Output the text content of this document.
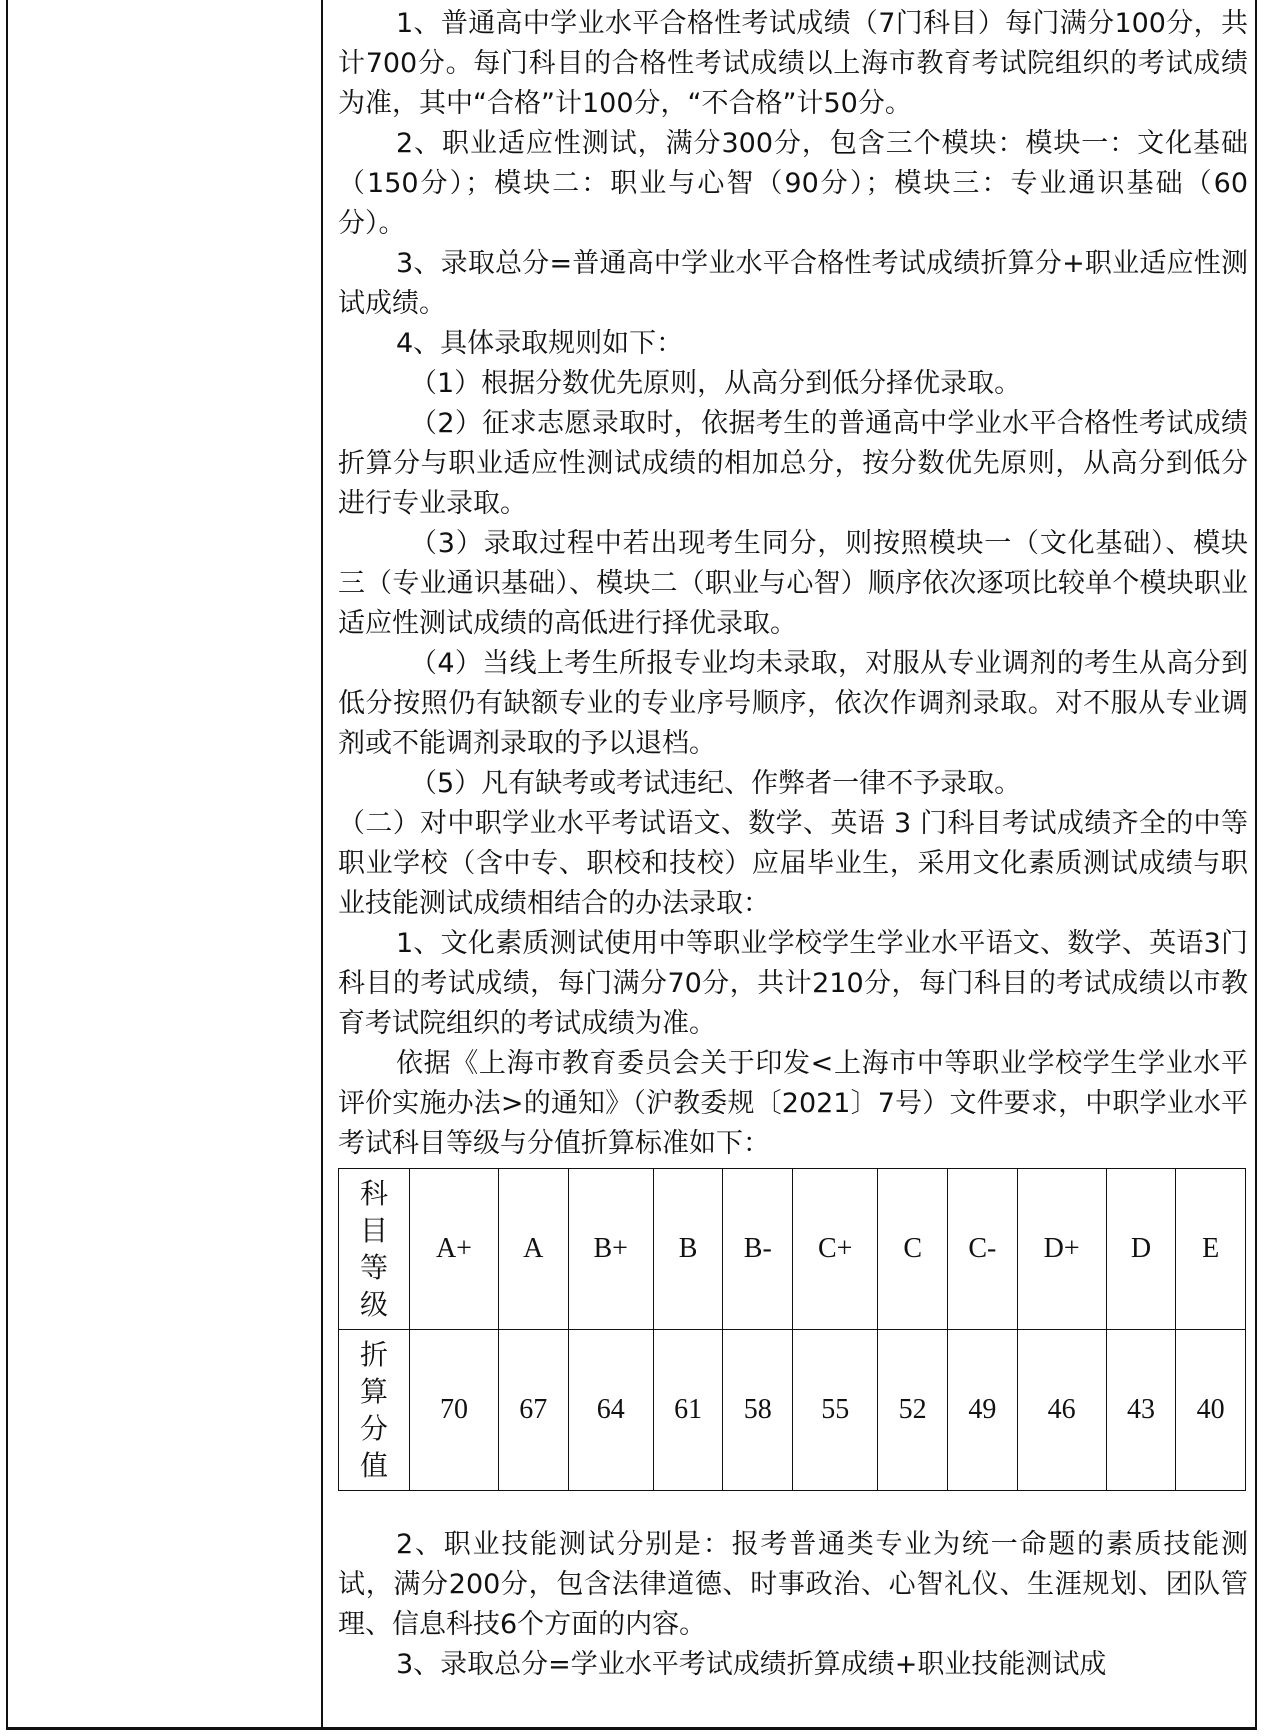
1、普通高中学业水平合格性考试成绩（7门科目）每门满分100分，共计700分。每门科目的合格性考试成绩以上海市教育考试院组织的考试成绩为准，其中“合格”计100分，“不合格”计50分。

2、职业适应性测试，满分300分，包含三个模块：模块一：文化基础（150分）；模块二：职业与心智（90分）；模块三：专业通识基础（60分）。

3、录取总分=普通高中学业水平合格性考试成绩折算分+职业适应性测试成绩。

4、具体录取规则如下：

（1）根据分数优先原则，从高分到低分择优录取。

（2）征求志愿录取时，依据考生的普通高中学业水平合格性考试成绩折算分与职业适应性测试成绩的相加总分，按分数优先原则，从高分到低分进行专业录取。

（3）录取过程中若出现考生同分，则按照模块一（文化基础）、模块三（专业通识基础）、模块二（职业与心智）顺序依次逐项比较单个模块职业适应性测试成绩的高低进行择优录取。

（4）当线上考生所报专业均未录取，对服从专业调剂的考生从高分到低分按照仍有缺额专业的专业序号顺序，依次作调剂录取。对不服从专业调剂或不能调剂录取的予以退档。

（5）凡有缺考或考试违纪、作弊者一律不予录取。

（二）对中职学业水平考试语文、数学、英语 3 门科目考试成绩齐全的中等职业学校（含中专、职校和技校）应届毕业生，采用文化素质测试成绩与职业技能测试成绩相结合的办法录取：

1、文化素质测试使用中等职业学校学生学业水平语文、数学、英语3门科目的考试成绩，每门满分70分，共计210分，每门科目的考试成绩以市教育考试院组织的考试成绩为准。

依据《上海市教育委员会关于印发<上海市中等职业学校学生学业水平评价实施办法>的通知》（沪教委规〔2021〕7号）文件要求，中职学业水平考试科目等级与分值折算标准如下：

科
目
等
级	A+	A	B+	B	B-	C+	C	C-	D+	D	E

折
算
分
值	70	67	64	61	58	55	52	49	46	43	40

2、职业技能测试分别是：报考普通类专业为统一命题的素质技能测试，满分200分，包含法律道德、时事政治、心智礼仪、生涯规划、团队管理、信息科技6个方面的内容。

3、录取总分=学业水平考试成绩折算成绩+职业技能测试成
